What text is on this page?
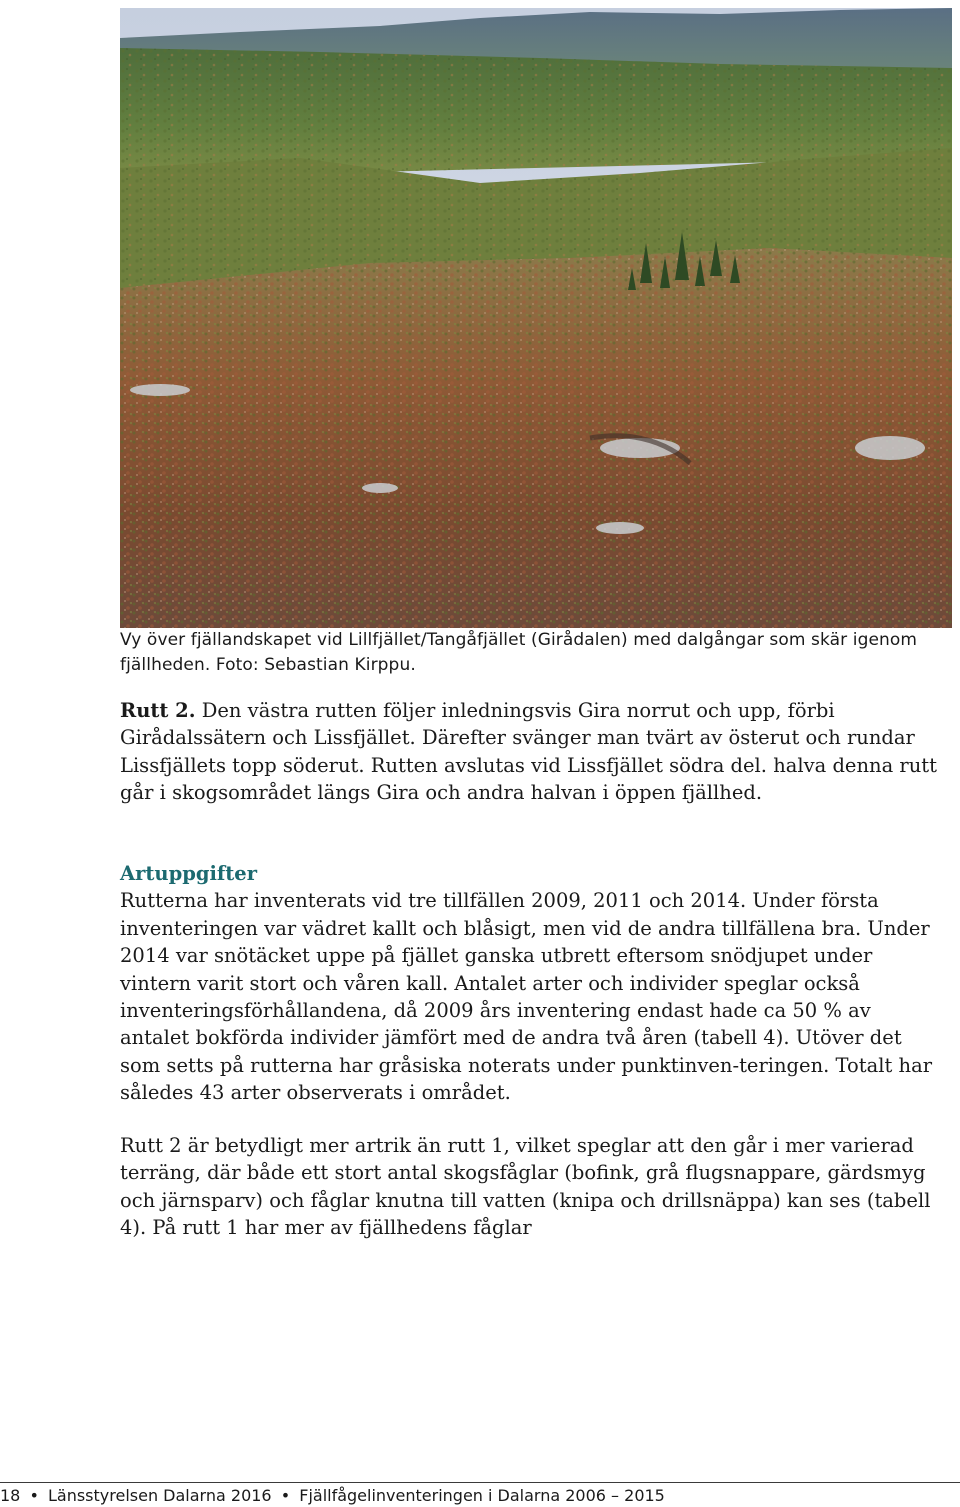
Vy över fjällandskapet vid Lillfjället/Tangåfjället (Girådalen) med dalgångar som skär igenom fjällheden. Foto: Sebastian Kirppu.

Rutt 2. Den västra rutten följer inledningsvis Gira norrut och upp, förbi Girådalssätern och Lissfjället. Därefter svänger man tvärt av österut och rundar Lissfjällets topp söderut. Rutten avslutas vid Lissfjället södra del. halva denna rutt går i skogsområdet längs Gira och andra halvan i öppen fjällhed.

Artuppgifter

Rutterna har inventerats vid tre tillfällen 2009, 2011 och 2014. Under första inventeringen var vädret kallt och blåsigt, men vid de andra tillfällena bra. Under 2014 var snötäcket uppe på fjället ganska utbrett eftersom snödjupet under vintern varit stort och våren kall. Antalet arter och individer speglar också inventeringsförhållandena, då 2009 års inventering endast hade ca 50 % av antalet bokförda individer jämfört med de andra två åren (tabell 4). Utöver det som setts på rutterna har gråsiska noterats under punktinven-teringen. Totalt har således 43 arter observerats i området.

Rutt 2 är betydligt mer artrik än rutt 1, vilket speglar att den går i mer varierad terräng, där både ett stort antal skogsfåglar (bofink, grå flugsnappare, gärdsmyg och järnsparv) och fåglar knutna till vatten (knipa och drillsnäppa) kan ses (tabell 4). På rutt 1 har mer av fjällhedens fåglar

18 • Länsstyrelsen Dalarna 2016 • Fjällfågelinventeringen i Dalarna 2006 – 2015
